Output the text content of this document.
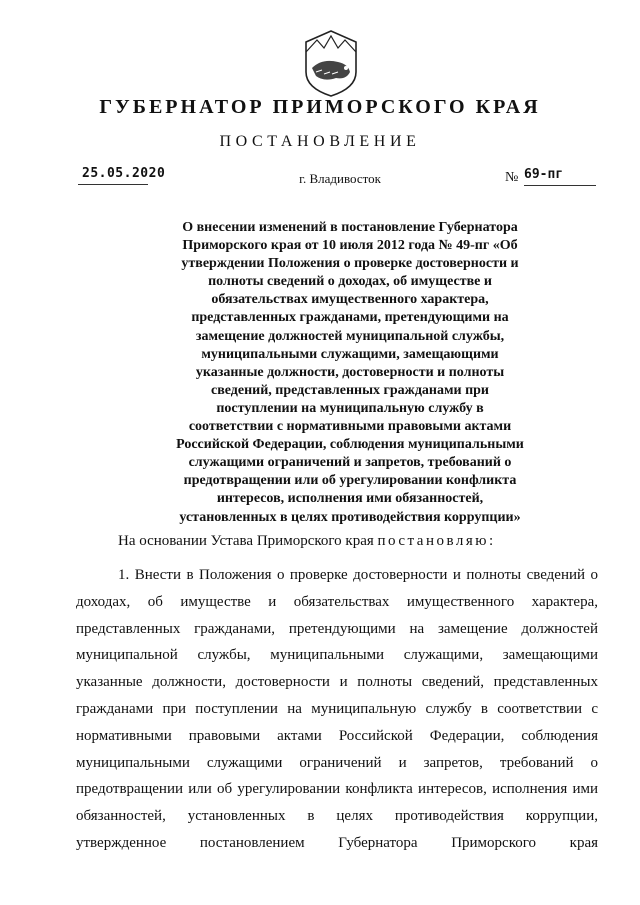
ГУБЕРНАТОР ПРИМОРСКОГО КРАЯ
ПОСТАНОВЛЕНИЕ
25.05.2020	г. Владивосток	№ 69-пг
О внесении изменений в постановление Губернатора
Приморского края от 10 июля 2012 года № 49-пг «Об
утверждении Положения о проверке достоверности и
полноты сведений о доходах, об имуществе и
обязательствах имущественного характера,
представленных гражданами, претендующими на
замещение должностей муниципальной службы,
муниципальными служащими, замещающими
указанные должности, достоверности и полноты
сведений, представленных гражданами при
поступлении на муниципальную службу в
соответствии с нормативными правовыми актами
Российской Федерации, соблюдения муниципальными
служащими ограничений и запретов, требований о
предотвращении или об урегулировании конфликта
интересов, исполнения ими обязанностей,
установленных в целях противодействия коррупции»
На основании Устава Приморского края постановляю:
1. Внести в Положения о проверке достоверности и полноты сведений о
доходах, об имуществе и обязательствах имущественного характера,
представленных гражданами, претендующими на замещение должностей
муниципальной службы, муниципальными служащими, замещающими
указанные должности, достоверности и полноты сведений, представленных
гражданами при поступлении на муниципальную службу в соответствии с
нормативными правовыми актами Российской Федерации, соблюдения
муниципальными служащими ограничений и запретов, требований о
предотвращении или об урегулировании конфликта интересов, исполнения ими
обязанностей, установленных в целях противодействия коррупции,
утвержденное постановлением Губернатора Приморского края
